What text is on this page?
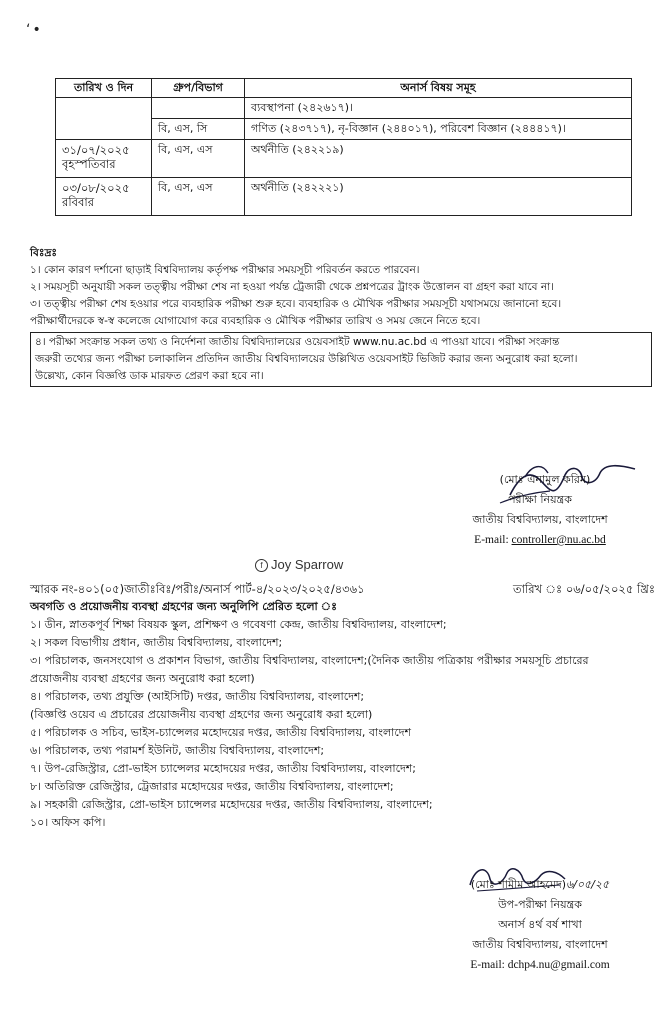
‘•
তারিখ ও দিন	গ্রুপ/বিভাগ	অনার্স বিষয় সমূহ

		ব্যবস্থাপনা (২৪২৬১৭)।
	বি, এস, সি	গণিত (২৪৩৭১৭), নৃ-বিজ্ঞান (২৪৪০১৭), পরিবেশ বিজ্ঞান (২৪৪৪১৭)।

৩১/০৭/২০২৫
বৃহস্পতিবার	বি, এস, এস	অর্থনীতি (২৪২২১৯)

০৩/০৮/২০২৫
রবিবার	বি, এস, এস	অর্থনীতি (২৪২২২১)
বিঃদ্রঃ
১। কোন কারণ দর্শানো ছাড়াই বিশ্ববিদ্যালয় কর্তৃপক্ষ পরীক্ষার সময়সূচী পরিবর্তন করতে পারবেন।
২। সময়সূচী অনুযায়ী সকল তত্ত্বীয় পরীক্ষা শেষ না হওয়া পর্যন্ত ট্রেজারী থেকে প্রশ্নপত্রের ট্রাংক উত্তোলন বা গ্রহণ করা যাবে না।
৩। তত্ত্বীয় পরীক্ষা শেষ হওয়ার পরে ব্যবহারিক পরীক্ষা শুরু হবে। ব্যবহারিক ও মৌখিক পরীক্ষার সময়সূচী যথাসময়ে জানানো হবে।
পরীক্ষার্থীদেরকে স্ব-স্ব কলেজে যোগাযোগ করে ব্যবহারিক ও মৌখিক পরীক্ষার তারিখ ও সময় জেনে নিতে হবে।
৪। পরীক্ষা সংক্রান্ত সকল তথ্য ও নির্দেশনা জাতীয় বিশ্ববিদ্যালয়ের ওয়েবসাইট www.nu.ac.bd এ পাওয়া যাবে। পরীক্ষা সংক্রান্ত
জরুরী তথ্যের জন্য পরীক্ষা চলাকালিন প্রতিদিন জাতীয় বিশ্ববিদ্যালয়ের উল্লিখিত ওয়েবসাইট ভিজিট করার জন্য অনুরোধ করা হলো।
উল্লেখ্য, কোন বিজ্ঞপ্তি ডাক মারফত প্রেরণ করা হবে না।
(মোঃ এনামুল করিম)
পরীক্ষা নিয়ন্ত্রক
জাতীয় বিশ্ববিদ্যালয়, বাংলাদেশ
E-mail: controller@nu.ac.bd
f Joy Sparrow
স্মারক নং-৪০১(০৫)জাতীঃবিঃ/পরীঃ/অনার্স পার্ট-৪/২০২৩/২০২৫/৪৩৬১	তারিখ ঃ ০৬/০৫/২০২৫ খ্রিঃ
অবগতি ও প্রয়োজনীয় ব্যবস্থা গ্রহণের জন্য অনুলিপি প্রেরিত হলো ঃ
১। ডীন, স্নাতকপূর্ব শিক্ষা বিষয়ক স্কুল, প্রশিক্ষণ ও গবেষণা কেন্দ্র, জাতীয় বিশ্ববিদ্যালয়, বাংলাদেশ;
২। সকল বিভাগীয় প্রধান, জাতীয় বিশ্ববিদ্যালয়, বাংলাদেশ;
৩। পরিচালক, জনসংযোগ ও প্রকাশন বিভাগ, জাতীয় বিশ্ববিদ্যালয়, বাংলাদেশ;(দৈনিক জাতীয় পত্রিকায় পরীক্ষার সময়সূচি প্রচারের
প্রয়োজনীয় ব্যবস্থা গ্রহণের জন্য অনুরোধ করা হলো)
৪। পরিচালক, তথ্য প্রযুক্তি (আইসিটি) দপ্তর, জাতীয় বিশ্ববিদ্যালয়, বাংলাদেশ;
(বিজ্ঞপ্তি ওয়েব এ প্রচারের প্রয়োজনীয় ব্যবস্থা গ্রহণের জন্য অনুরোধ করা হলো)
৫। পরিচালক ও সচিব, ভাইস-চ্যান্সেলর মহোদয়ের দপ্তর, জাতীয় বিশ্ববিদ্যালয়, বাংলাদেশ
৬। পরিচালক, তথ্য পরামর্শ ইউনিট, জাতীয় বিশ্ববিদ্যালয়, বাংলাদেশ;
৭। উপ-রেজিস্ট্রার, প্রো-ভাইস চ্যান্সেলর মহোদয়ের দপ্তর, জাতীয় বিশ্ববিদ্যালয়, বাংলাদেশ;
৮। অতিরিক্ত রেজিস্ট্রার, ট্রেজারার মহোদয়ের দপ্তর, জাতীয় বিশ্ববিদ্যালয়, বাংলাদেশ;
৯। সহকারী রেজিস্ট্রার, প্রো-ভাইস চ্যান্সেলর মহোদয়ের দপ্তর, জাতীয় বিশ্ববিদ্যালয়, বাংলাদেশ;
১০। অফিস কপি।
(মোঃ শামীম আহমেদ)৬/০৫/২৫
উপ-পরীক্ষা নিয়ন্ত্রক
অনার্স ৪র্থ বর্ষ শাখা
জাতীয় বিশ্ববিদ্যালয়, বাংলাদেশ
E-mail: dchp4.nu@gmail.com
